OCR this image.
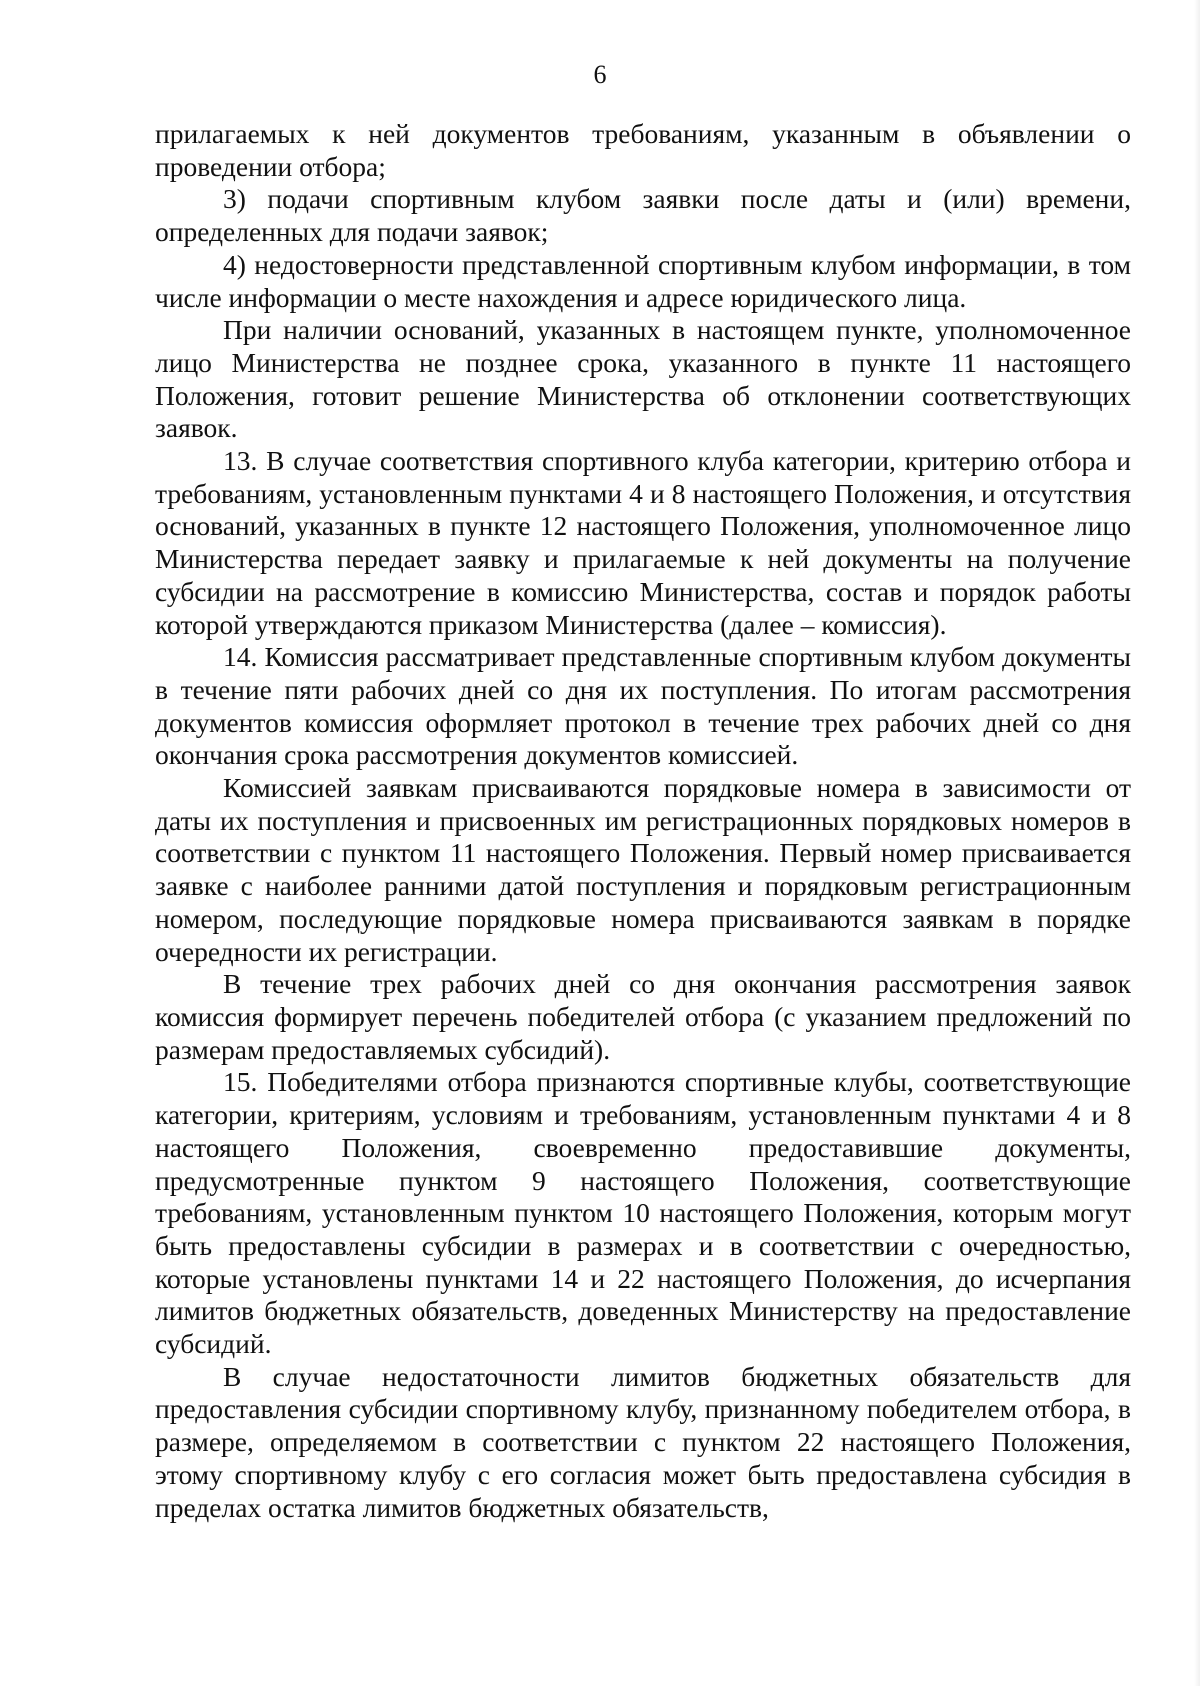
6

прилагаемых к ней документов требованиям, указанным в объявлении о проведении отбора;

3) подачи спортивным клубом заявки после даты и (или) времени, определенных для подачи заявок;

4) недостоверности представленной спортивным клубом информации, в том числе информации о месте нахождения и адресе юридического лица.

При наличии оснований, указанных в настоящем пункте, уполномоченное лицо Министерства не позднее срока, указанного в пункте 11 настоящего Положения, готовит решение Министерства об отклонении соответствующих заявок.

13. В случае соответствия спортивного клуба категории, критерию отбора и требованиям, установленным пунктами 4 и 8 настоящего Положения, и отсутствия оснований, указанных в пункте 12 настоящего Положения, уполномоченное лицо Министерства передает заявку и прилагаемые к ней документы на получение субсидии на рассмотрение в комиссию Министерства, состав и порядок работы которой утверждаются приказом Министерства (далее – комиссия).

14. Комиссия рассматривает представленные спортивным клубом документы в течение пяти рабочих дней со дня их поступления. По итогам рассмотрения документов комиссия оформляет протокол в течение трех рабочих дней со дня окончания срока рассмотрения документов комиссией.

Комиссией заявкам присваиваются порядковые номера в зависимости от даты их поступления и присвоенных им регистрационных порядковых номеров в соответствии с пунктом 11 настоящего Положения. Первый номер присваивается заявке с наиболее ранними датой поступления и порядковым регистрационным номером, последующие порядковые номера присваиваются заявкам в порядке очередности их регистрации.

В течение трех рабочих дней со дня окончания рассмотрения заявок комиссия формирует перечень победителей отбора (с указанием предложений по размерам предоставляемых субсидий).

15. Победителями отбора признаются спортивные клубы, соответствующие категории, критериям, условиям и требованиям, установленным пунктами 4 и 8 настоящего Положения, своевременно предоставившие документы, предусмотренные пунктом 9 настоящего Положения, соответствующие требованиям, установленным пунктом 10 настоящего Положения, которым могут быть предоставлены субсидии в размерах и в соответствии с очередностью, которые установлены пунктами 14 и 22 настоящего Положения, до исчерпания лимитов бюджетных обязательств, доведенных Министерству на предоставление субсидий.

В случае недостаточности лимитов бюджетных обязательств для предоставления субсидии спортивному клубу, признанному победителем отбора, в размере, определяемом в соответствии с пунктом 22 настоящего Положения, этому спортивному клубу с его согласия может быть предоставлена субсидия в пределах остатка лимитов бюджетных обязательств,
